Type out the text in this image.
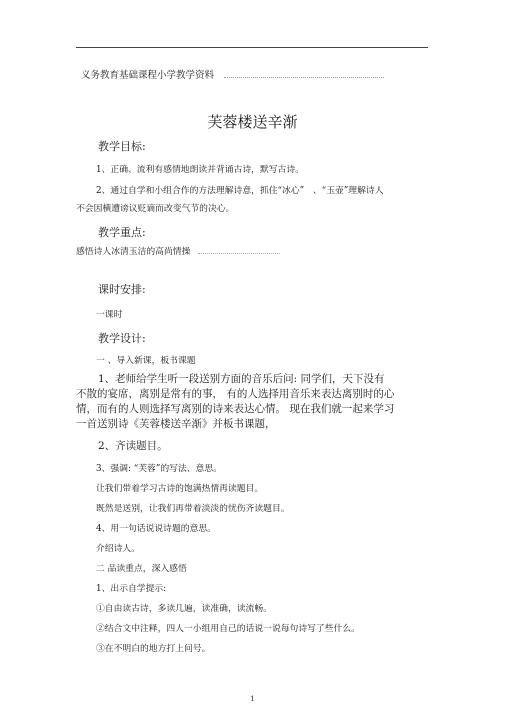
义务教育基础课程小学教学资料
芙蓉楼送辛渐
教学目标:
1、正确、流利有感情地朗读并背诵古诗，默写古诗。
2、通过自学和小组合作的方法理解诗意，抓住“冰心”　、“玉壶”理解诗人
不会因横遭谤议贬谪而改变气节的决心。
教学重点:
感悟诗人冰清玉洁的高尚情操
课时安排:
一课时
教学设计:
一 、导入新课，板书课题
1、老师给学生听一段送别方面的音乐后问: 同学们，天下没有
不散的宴席，离别是常有的事， 有的人选择用音乐来表达离别时的心
情，而有的人则选择写离别的诗来表达心情。 现在我们就一起来学习
一首送别诗《芙蓉楼送辛渐》并板书课题，
2、齐读题目。
3、强调: “芙蓉”的写法、意思。
让我们带着学习古诗的饱满热情再读题目。
既然是送别，让我们再带着淡淡的忧伤齐读题目。
4、用一句话说说诗题的意思。
介绍诗人。
二 品读重点，深入感悟
1、出示自学提示:
①自由读古诗，多读几遍，读准确，读流畅。
②结合文中注释，四人一小组用自己的话说一说每句诗写了些什么。
③在不明白的地方打上问号。
1
